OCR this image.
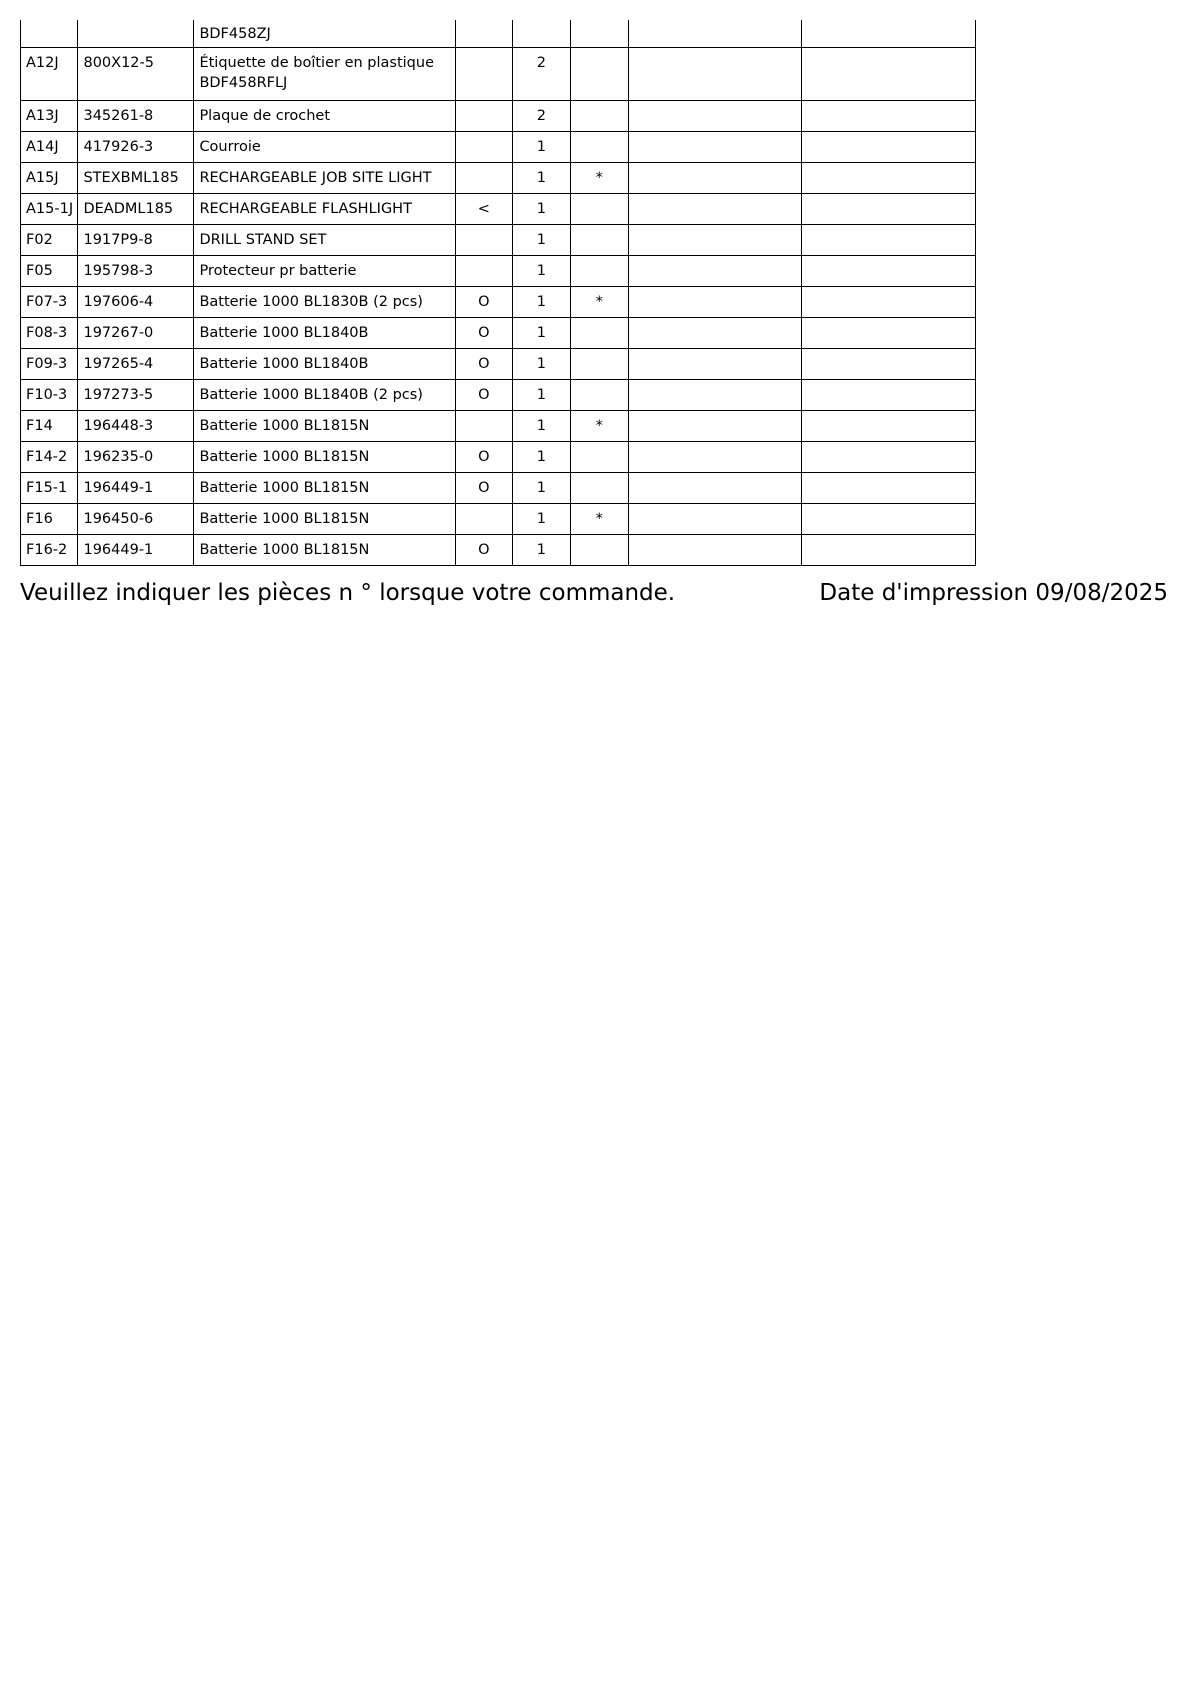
		BDF458ZJ					
A12J	800X12-5	Étiquette de boîtier en plastique BDF458RFLJ		2			
A13J	345261-8	Plaque de crochet		2			
A14J	417926-3	Courroie		1			
A15J	STEXBML185	RECHARGEABLE JOB SITE LIGHT		1	*		
A15-1J	DEADML185	RECHARGEABLE FLASHLIGHT	<	1			
F02	1917P9-8	DRILL STAND SET		1			
F05	195798-3	Protecteur pr batterie		1			
F07-3	197606-4	Batterie 1000 BL1830B (2 pcs)	O	1	*		
F08-3	197267-0	Batterie 1000 BL1840B	O	1			
F09-3	197265-4	Batterie 1000 BL1840B	O	1			
F10-3	197273-5	Batterie 1000 BL1840B (2 pcs)	O	1			
F14	196448-3	Batterie 1000 BL1815N		1	*		
F14-2	196235-0	Batterie 1000 BL1815N	O	1			
F15-1	196449-1	Batterie 1000 BL1815N	O	1			
F16	196450-6	Batterie 1000 BL1815N		1	*		
F16-2	196449-1	Batterie 1000 BL1815N	O	1			
Veuillez indiquer les pièces n ° lorsque votre commande.	Date d'impression 09/08/2025
